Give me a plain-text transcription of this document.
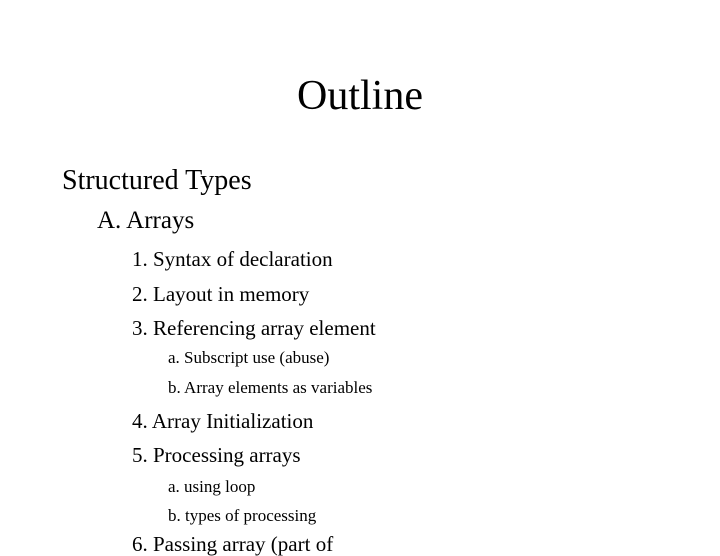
Outline
Structured Types
A. Arrays
1. Syntax of declaration
2. Layout in memory
3. Referencing array element
a. Subscript use (abuse)
b. Array elements as variables
4. Array Initialization
5. Processing arrays
a. using loop
b. types of processing
6. Passing array (part of
